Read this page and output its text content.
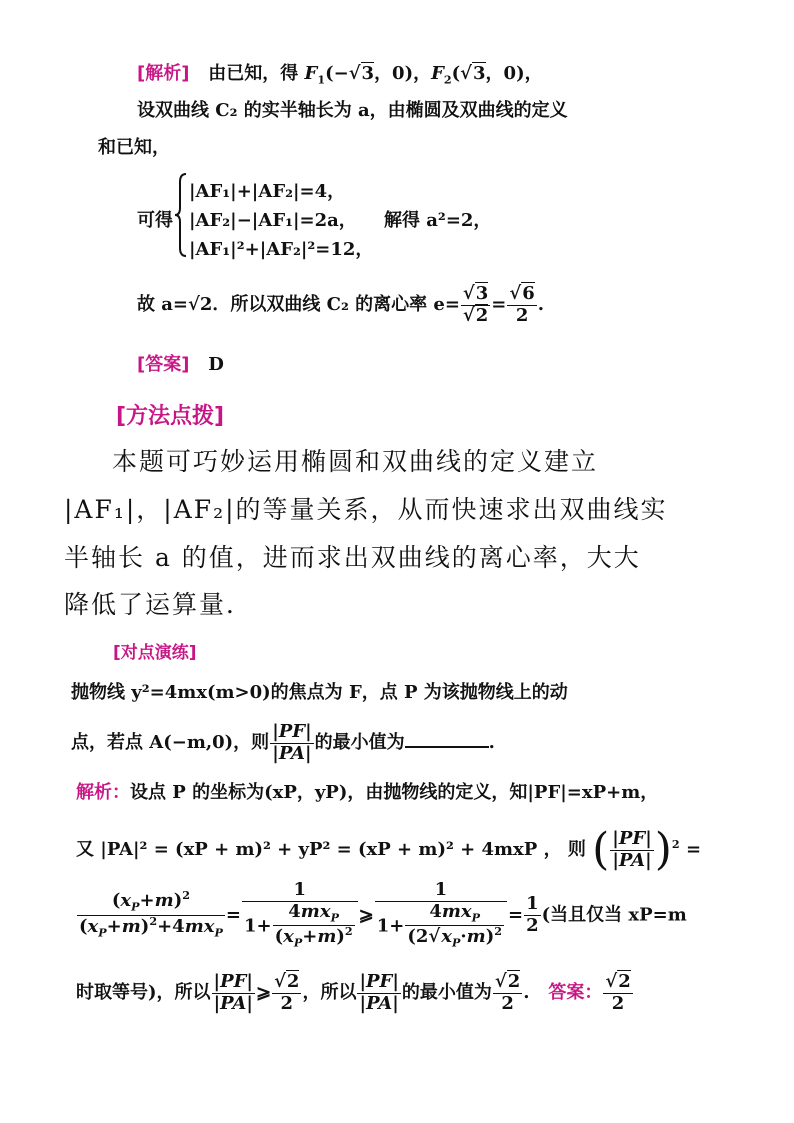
[解析] 由已知，得 $F_1(-√3$，0)，$F_2(√3$，0)，
设双曲线 C₂ 的实半轴长为 a，由椭圆及双曲线的定义
和已知，
可得
|AF₁|+|AF₂|=4，
|AF₂|−|AF₁|=2a，
|AF₁|²+|AF₂|²=12，
解得 a²=2，
故 a=√2．所以双曲线 C₂ 的离心率 $e= \frac{√3}{√2} = \frac{√6}{2}$ .
[答案] D
[方法点拨]
本题可巧妙运用椭圆和双曲线的定义建立
|AF₁|，|AF₂|的等量关系，从而快速求出双曲线实
半轴长 a 的值，进而求出双曲线的离心率，大大
降低了运算量．
[对点演练]
抛物线 y²=4mx(m>0)的焦点为 F，点 P 为该抛物线上的动
点，若点 A(−m,0)，则 $\frac{|PF|}{|PA|}$ 的最小值为	.
解析：设点 P 的坐标为(xP，yP)，由抛物线的定义，知|PF|=xP+m，
又 |PA|² = (xP + m)² + yP² = (xP + m)² + 4mxP ， 则 ( $\frac{|PF|}{|PA|} )^2$ =
$\frac{(x_P+m)^2}{(x_P+m)^2+4mx_P} = \frac{1}{1+ \frac{4mx_P}{(x_P+m)^2}}$ ⩾ $\frac{1}{1+ \frac{4mx_P}{(2√x_P\cdot m)^2}} = \frac{1}{2}$ (当且仅当 xP=m
时取等号)，所以 $\frac{|PF|}{|PA|}$ ⩾ $\frac{√2}{2}$ ，所以 $\frac{|PF|}{|PA|}$ 的最小值为 $\frac{√2}{2}$ .   答案： $\frac{√2}{2}$
